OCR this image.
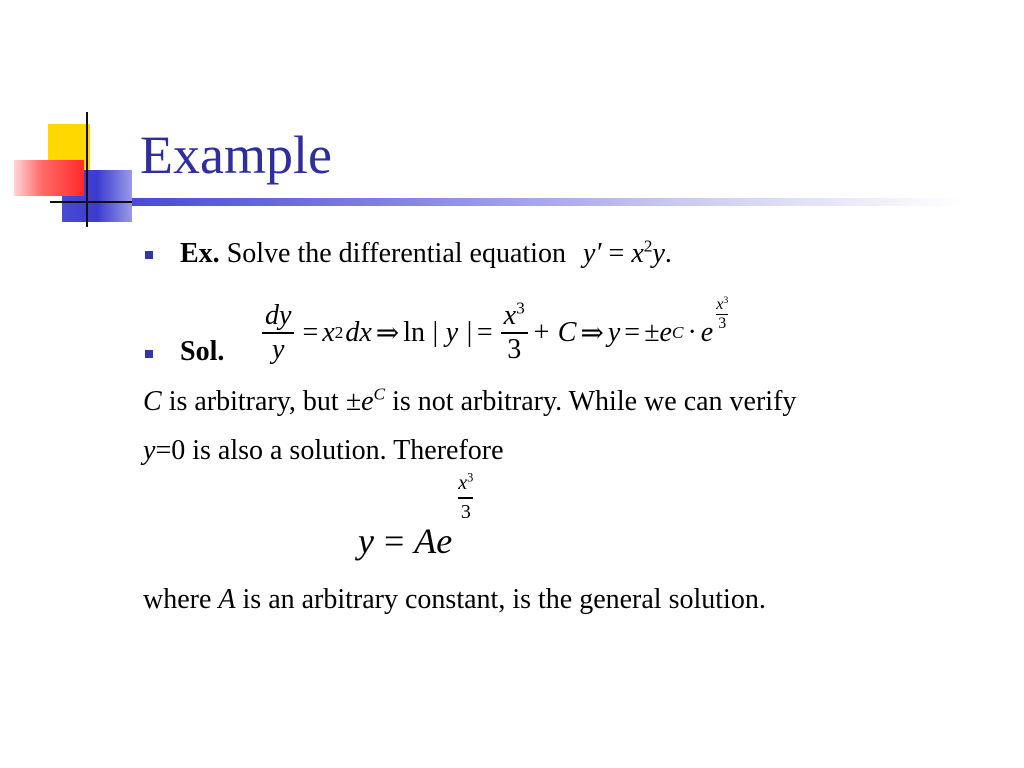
Example
Ex. Solve the differential equation $y' = x^2y$.
Sol. $\frac{dy}{y} = x$ 2 dx ⇒ ln | y | = $\frac{x^3}{3} + C$ ⇒ y = ±e C · e
$x^3$
3
C is arbitrary, but $\pm e^C$ is not arbitrary. While we can verify
y=0 is also a solution. Therefore
y = Ae
$x^3$
3
where A is an arbitrary constant, is the general solution.
